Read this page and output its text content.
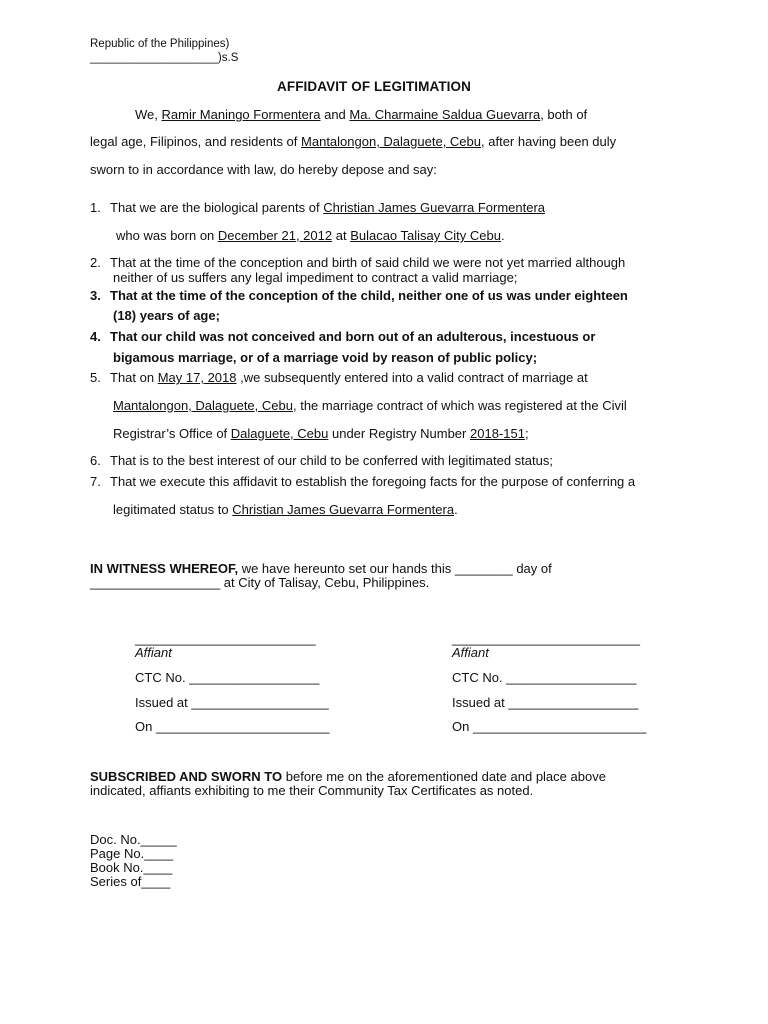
Republic of the Philippines)
____________________)s.S
AFFIDAVIT OF LEGITIMATION
We, Ramir Maningo Formentera and Ma. Charmaine Saldua Guevarra, both of
legal age, Filipinos, and residents of Mantalongon, Dalaguete, Cebu, after having been duly
sworn to in accordance with law, do hereby depose and say:
1. That we are the biological parents of Christian James Guevarra Formentera
who was born on December 21, 2012 at Bulacao Talisay City Cebu.
2. That at the time of the conception and birth of said child we were not yet married although
neither of us suffers any legal impediment to contract a valid marriage;
3. That at the time of the conception of the child, neither one of us was under eighteen
(18) years of age;
4. That our child was not conceived and born out of an adulterous, incestuous or
bigamous marriage, or of a marriage void by reason of public policy;
5. That on May 17, 2018 ,we subsequently entered into a valid contract of marriage at
Mantalongon, Dalaguete, Cebu, the marriage contract of which was registered at the Civil
Registrar’s Office of Dalaguete, Cebu under Registry Number 2018-151;
6. That is to the best interest of our child to be conferred with legitimated status;
7. That we execute this affidavit to establish the foregoing facts for the purpose of conferring a
legitimated status to Christian James Guevarra Formentera.
IN WITNESS WHEREOF, we have hereunto set our hands this ________ day of
__________________ at City of Talisay, Cebu, Philippines.
_________________________
Affiant
CTC No. __________________
Issued at ___________________
On ________________________
__________________________
Affiant
CTC No. __________________
Issued at __________________
On ________________________
SUBSCRIBED AND SWORN TO before me on the aforementioned date and place above
indicated, affiants exhibiting to me their Community Tax Certificates as noted.
Doc. No._____
Page No.____
Book No.____
Series of____
